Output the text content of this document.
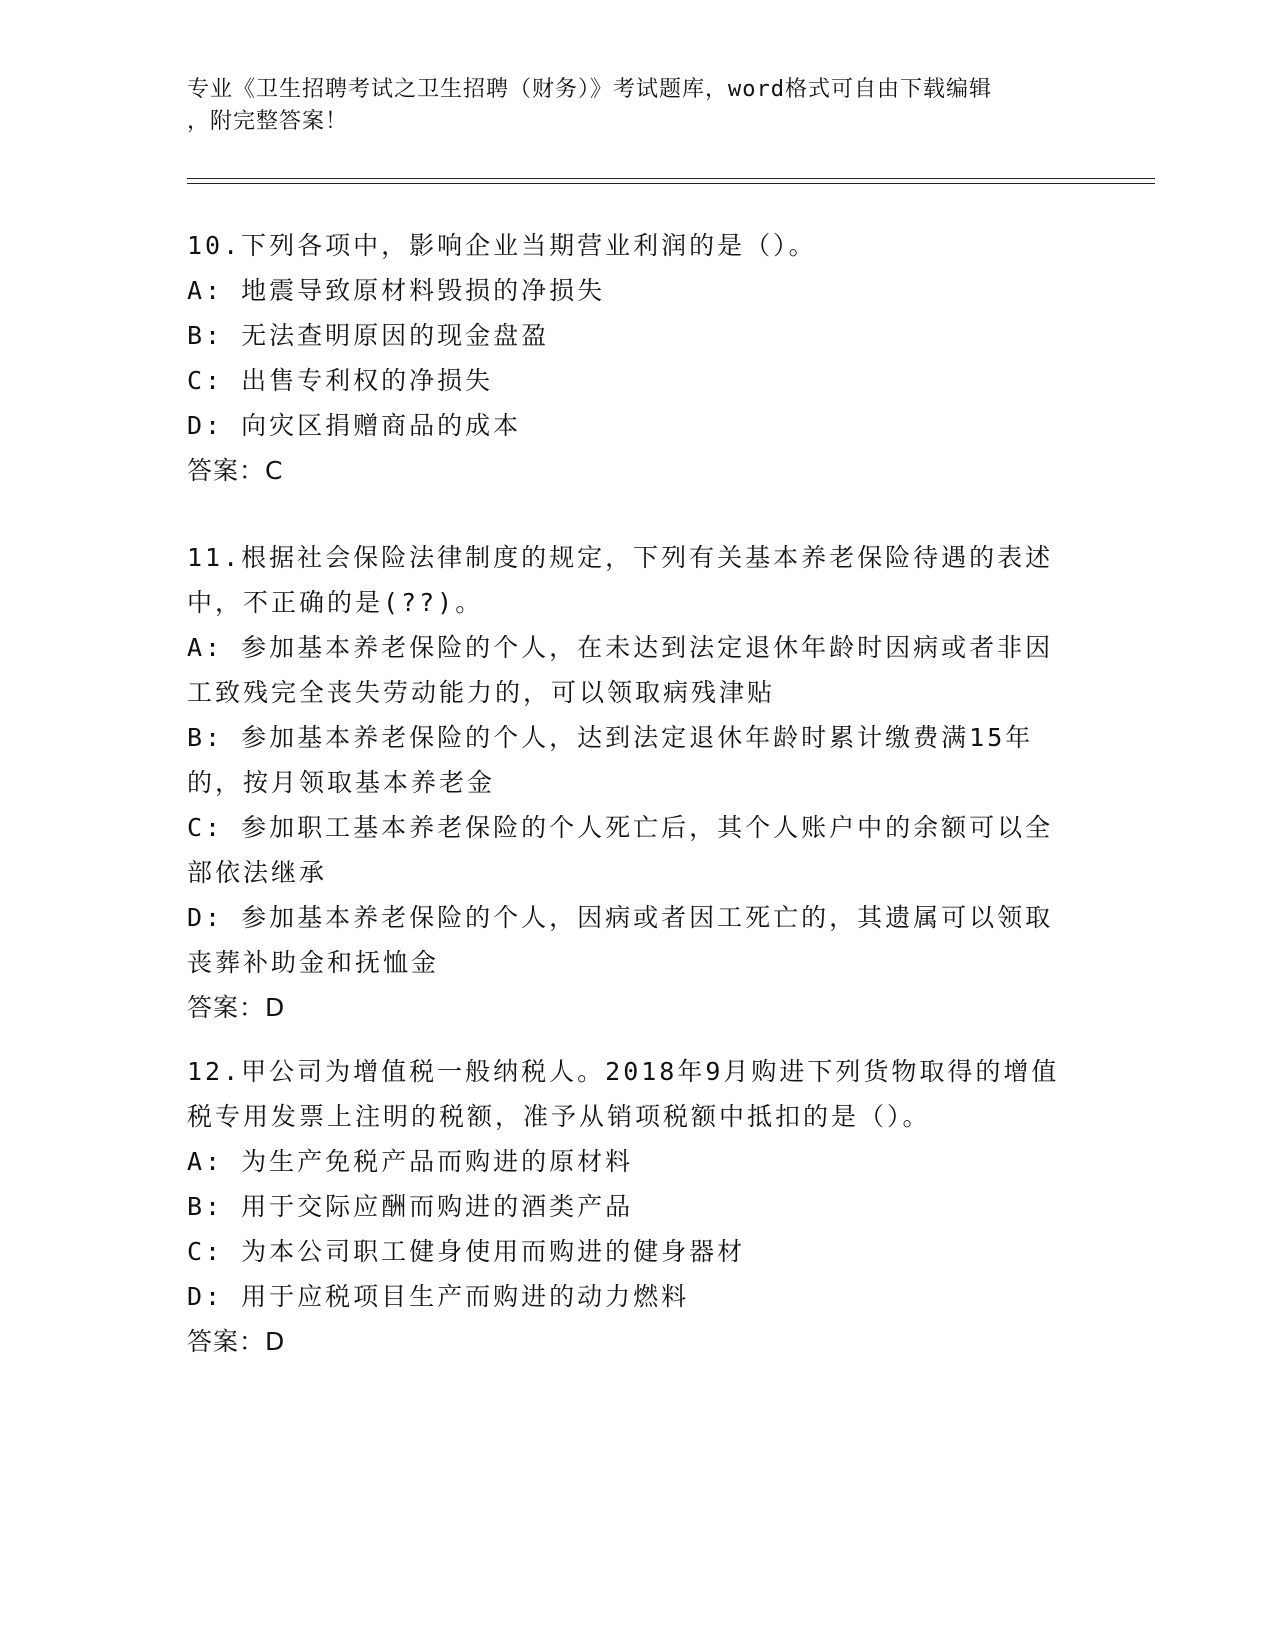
专业《卫生招聘考试之卫生招聘（财务）》考试题库，word格式可自由下载编辑
，附完整答案！
10.下列各项中，影响企业当期营业利润的是（）。
A: 地震导致原材料毁损的净损失
B: 无法查明原因的现金盘盈
C: 出售专利权的净损失
D: 向灾区捐赠商品的成本
答案：C
11.根据社会保险法律制度的规定，下列有关基本养老保险待遇的表述
中，不正确的是(??)。
A: 参加基本养老保险的个人，在未达到法定退休年龄时因病或者非因
工致残完全丧失劳动能力的，可以领取病残津贴
B: 参加基本养老保险的个人，达到法定退休年龄时累计缴费满15年
的，按月领取基本养老金
C: 参加职工基本养老保险的个人死亡后，其个人账户中的余额可以全
部依法继承
D: 参加基本养老保险的个人，因病或者因工死亡的，其遗属可以领取
丧葬补助金和抚恤金
答案：D
12.甲公司为增值税一般纳税人。2018年9月购进下列货物取得的增值
税专用发票上注明的税额，准予从销项税额中抵扣的是（）。
A: 为生产免税产品而购进的原材料
B: 用于交际应酬而购进的酒类产品
C: 为本公司职工健身使用而购进的健身器材
D: 用于应税项目生产而购进的动力燃料
答案：D
